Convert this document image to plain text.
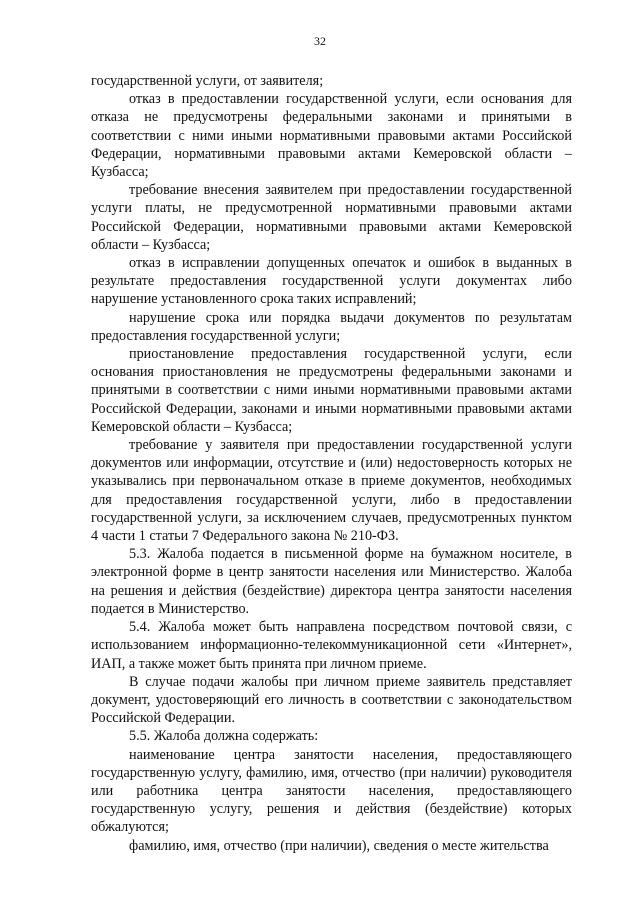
32

государственной услуги, от заявителя;

отказ в предоставлении государственной услуги, если основания для отказа не предусмотрены федеральными законами и принятыми в соответствии с ними иными нормативными правовыми актами Российской Федерации, нормативными правовыми актами Кемеровской области – Кузбасса;

требование внесения заявителем при предоставлении государственной услуги платы, не предусмотренной нормативными правовыми актами Российской Федерации, нормативными правовыми актами Кемеровской области – Кузбасса;

отказ в исправлении допущенных опечаток и ошибок в выданных в результате предоставления государственной услуги документах либо нарушение установленного срока таких исправлений;

нарушение срока или порядка выдачи документов по результатам предоставления государственной услуги;

приостановление предоставления государственной услуги, если основания приостановления не предусмотрены федеральными законами и принятыми в соответствии с ними иными нормативными правовыми актами Российской Федерации, законами и иными нормативными правовыми актами Кемеровской области – Кузбасса;

требование у заявителя при предоставлении государственной услуги документов или информации, отсутствие и (или) недостоверность которых не указывались при первоначальном отказе в приеме документов, необходимых для предоставления государственной услуги, либо в предоставлении государственной услуги, за исключением случаев, предусмотренных пунктом 4 части 1 статьи 7 Федерального закона № 210-ФЗ.

5.3. Жалоба подается в письменной форме на бумажном носителе, в электронной форме в центр занятости населения или Министерство. Жалоба на решения и действия (бездействие) директора центра занятости населения подается в Министерство.

5.4. Жалоба может быть направлена посредством почтовой связи, с использованием информационно-телекоммуникационной сети «Интернет», ИАП, а также может быть принята при личном приеме.

В случае подачи жалобы при личном приеме заявитель представляет документ, удостоверяющий его личность в соответствии с законодательством Российской Федерации.

5.5. Жалоба должна содержать:

наименование центра занятости населения, предоставляющего государственную услугу, фамилию, имя, отчество (при наличии) руководителя или работника центра занятости населения, предоставляющего государственную услугу, решения и действия (бездействие) которых обжалуются;

фамилию, имя, отчество (при наличии), сведения о месте жительства
